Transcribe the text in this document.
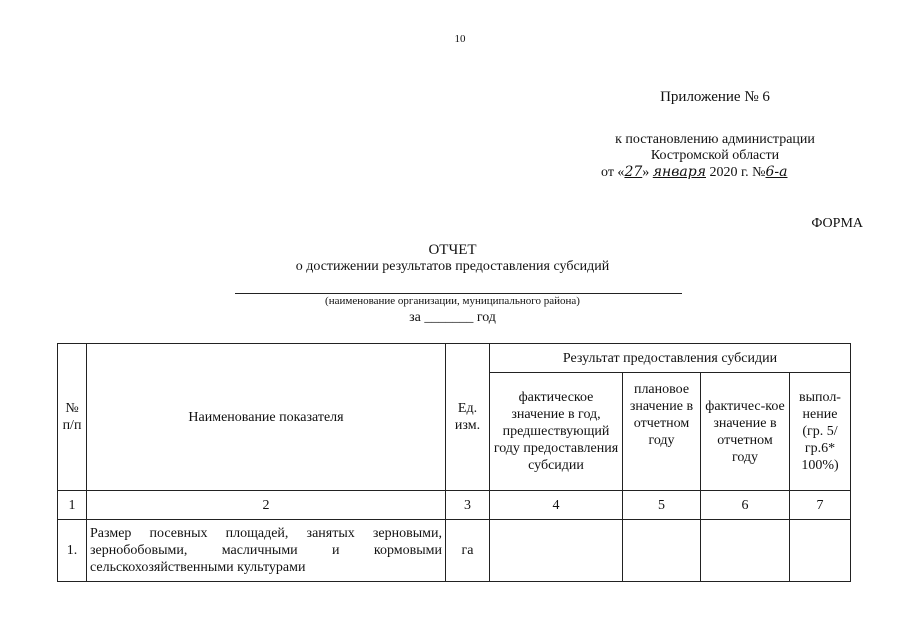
10
Приложение № 6
к постановлению администрации
Костромской области
от «27» января 2020 г. №6-а
ФОРМА
ОТЧЕТ
о достижении результатов предоставления субсидий
(наименование организации, муниципального района)
за _______ год
№ п/п	Наименование показателя	Ед. изм.	Результат предоставления субсидии			
			фактическое значение в год, предшествующий году предоставления субсидии	плановое значение в отчетном году	фактичес-кое значение в отчетном году	выпол-нение (гр. 5/гр.6* 100%)
1	2	3	4	5	6	7
1.	Размер посевных площадей, занятых зерновыми, зернобобовыми, масличными и кормовыми сельскохозяйственными культурами	га				
